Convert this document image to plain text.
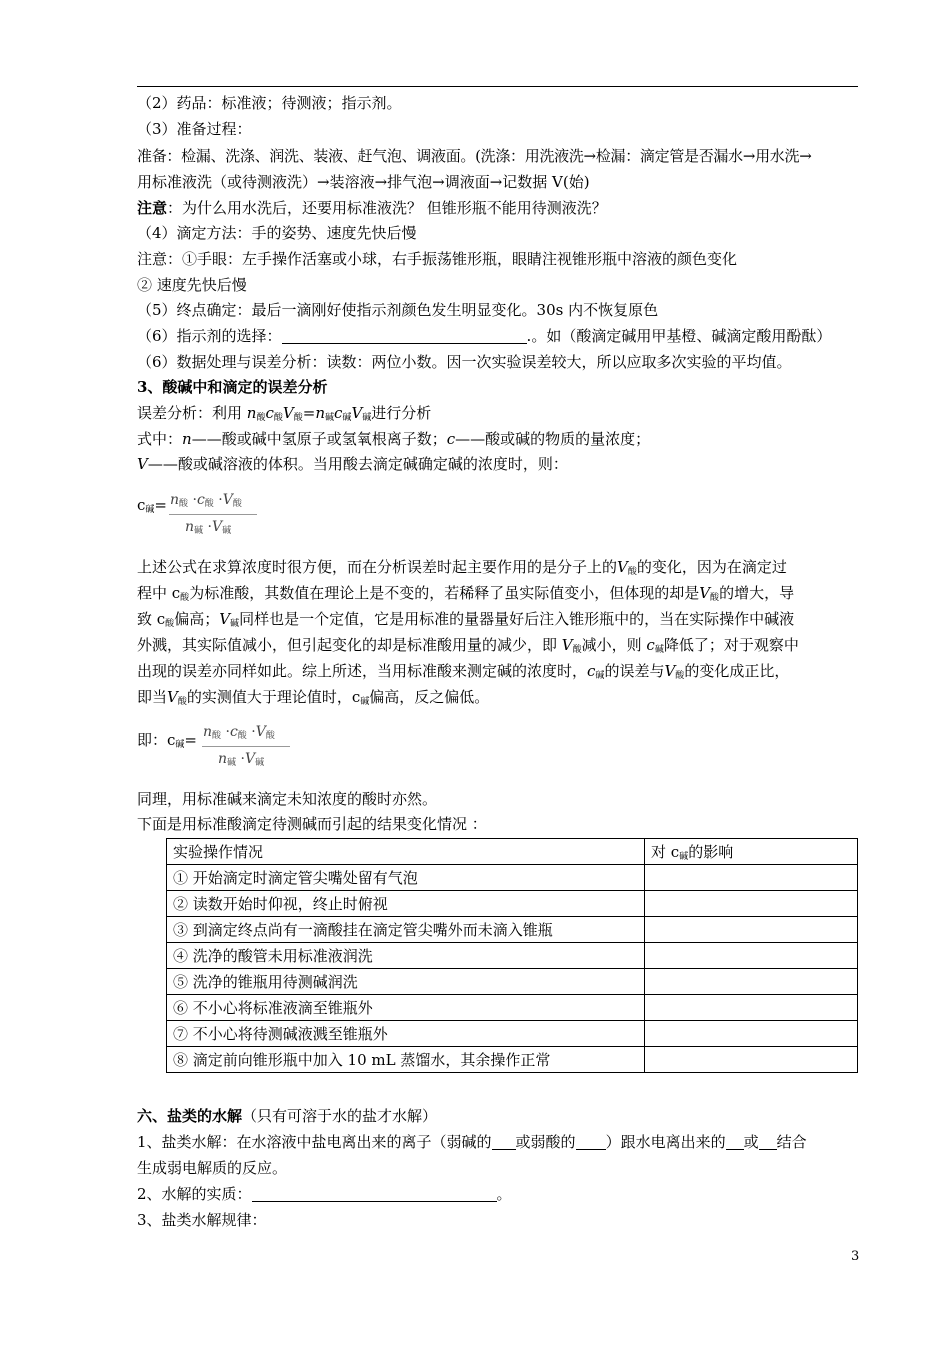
（2）药品：标准液；待测液；指示剂。
（3）准备过程：
准备：检漏、洗涤、润洗、装液、赶气泡、调液面。(洗涤：用洗液洗→检漏：滴定管是否漏水→用水洗→
用标准液洗（或待测液洗）→装溶液→排气泡→调液面→记数据 V(始)
注意：为什么用水洗后，还要用标准液洗？ 但锥形瓶不能用待测液洗？
（4）滴定方法：手的姿势、速度先快后慢
注意：①手眼：左手操作活塞或小球，右手振荡锥形瓶，眼睛注视锥形瓶中溶液的颜色变化
② 速度先快后慢
（5）终点确定：最后一滴刚好使指示剂颜色发生明显变化。30s 内不恢复原色
（6）指示剂的选择：	.。如（酸滴定碱用甲基橙、碱滴定酸用酚酞）
（6）数据处理与误差分析：读数：两位小数。因一次实验误差较大，所以应取多次实验的平均值。
3、酸碱中和滴定的误差分析
误差分析：利用 $n_酸c_酸V_酸=n_碱c_碱V_碱$进行分析
式中：n——酸或碱中氢原子或氢氧根离子数；c——酸或碱的物质的量浓度；
V——酸或碱溶液的体积。当用酸去滴定碱确定碱的浓度时，则：
$c_碱= n_酸 \cdot c_酸 \cdot V_酸$
$n_碱 \cdot V_碱$
上述公式在求算浓度时很方便，而在分析误差时起主要作用的是分子上的$V_酸$的变化，因为在滴定过
程中 $c_酸$为标准酸，其数值在理论上是不变的，若稀释了虽实际值变小，但体现的却是$V_酸$的增大，导
致 $c_酸$偏高；$V_碱$同样也是一个定值，它是用标准的量器量好后注入锥形瓶中的，当在实际操作中碱液
外溅，其实际值减小，但引起变化的却是标准酸用量的减少，即 $V_酸$减小，则 $c_碱$降低了；对于观察中
出现的误差亦同样如此。综上所述，当用标准酸来测定碱的浓度时，$c_碱$的误差与$V_酸$的变化成正比，
即当$V_酸$的实测值大于理论值时，$c_碱$偏高，反之偏低。
即：$c_碱= n_酸 \cdot c_酸 \cdot V_酸$
$n_碱 \cdot V_碱$
同理，用标准碱来滴定未知浓度的酸时亦然。
下面是用标准酸滴定待测碱而引起的结果变化情况 ：
实验操作情况	对 $c_碱$的影响
① 开始滴定时滴定管尖嘴处留有气泡	
② 读数开始时仰视，终止时俯视	
③ 到滴定终点尚有一滴酸挂在滴定管尖嘴外而未滴入锥瓶	
④ 洗净的酸管未用标准液润洗	
⑤ 洗净的锥瓶用待测碱润洗	
⑥ 不小心将标准液滴至锥瓶外	
⑦ 不小心将待测碱液溅至锥瓶外	
⑧ 滴定前向锥形瓶中加入 10 mL 蒸馏水，其余操作正常	
六、盐类的水解（只有可溶于水的盐才水解）
1、盐类水解：在水溶液中盐电离出来的离子（弱碱的 或弱酸的 ）跟水电离出来的 或 结合
生成弱电解质的反应。
2、水解的实质：	。
3、盐类水解规律：
3
